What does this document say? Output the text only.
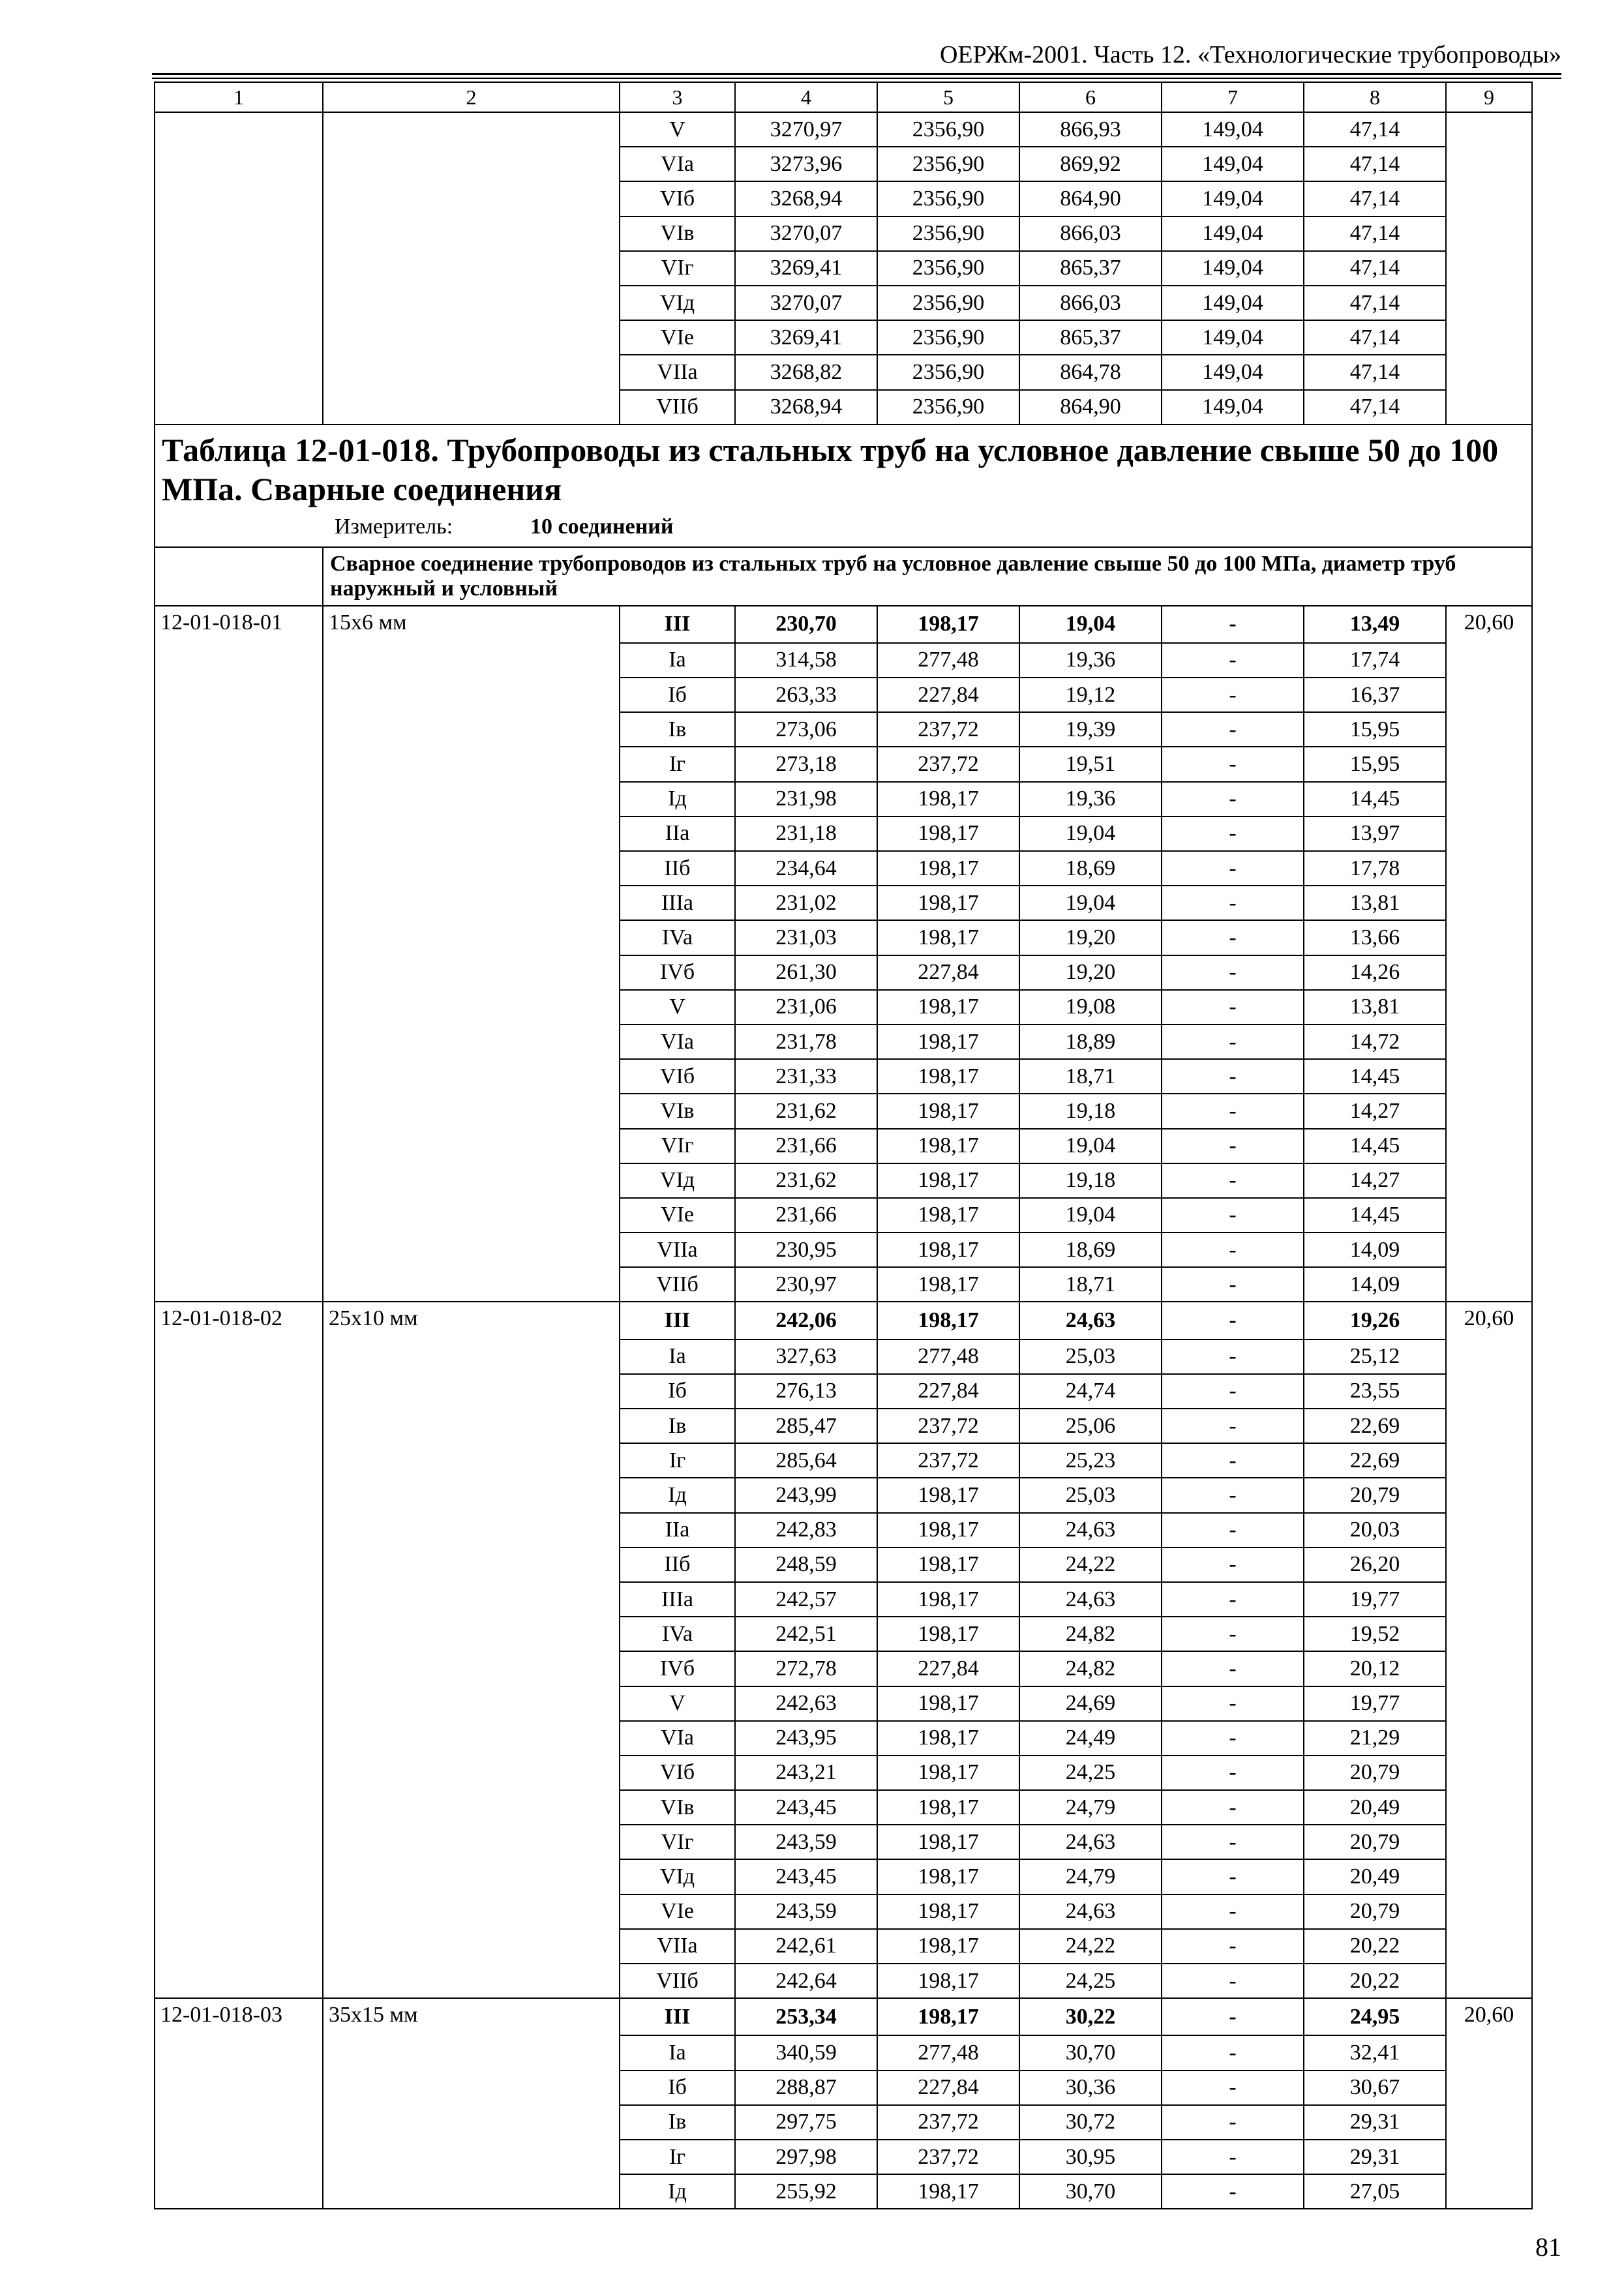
ОЕРЖм-2001. Часть 12. «Технологические трубопроводы»
1	2	3	4	5	6	7	8	9
		V	3270,97	2356,90	866,93	149,04	47,14	
		VIa	3273,96	2356,90	869,92	149,04	47,14	
		VIб	3268,94	2356,90	864,90	149,04	47,14	
		VIв	3270,07	2356,90	866,03	149,04	47,14	
		VIг	3269,41	2356,90	865,37	149,04	47,14	
		VIд	3270,07	2356,90	866,03	149,04	47,14	
		VIе	3269,41	2356,90	865,37	149,04	47,14	
		VIIa	3268,82	2356,90	864,78	149,04	47,14	
		VIIб	3268,94	2356,90	864,90	149,04	47,14	

Таблица 12-01-018. Трубопроводы из стальных труб на условное давление свыше 50 до 100 МПа. Сварные соединения
Измеритель: 10 соединений								

	Сварное соединение трубопроводов из стальных труб на условное давление свыше 50 до 100 МПа, диаметр труб наружный и условный							
12-01-018-01	15х6 мм	III	230,70	198,17	19,04	-	13,49	20,60
		Ia	314,58	277,48	19,36	-	17,74	
		Iб	263,33	227,84	19,12	-	16,37	
		Iв	273,06	237,72	19,39	-	15,95	
		Iг	273,18	237,72	19,51	-	15,95	
		Iд	231,98	198,17	19,36	-	14,45	
		IIa	231,18	198,17	19,04	-	13,97	
		IIб	234,64	198,17	18,69	-	17,78	
		IIIa	231,02	198,17	19,04	-	13,81	
		IVa	231,03	198,17	19,20	-	13,66	
		IVб	261,30	227,84	19,20	-	14,26	
		V	231,06	198,17	19,08	-	13,81	
		VIa	231,78	198,17	18,89	-	14,72	
		VIб	231,33	198,17	18,71	-	14,45	
		VIв	231,62	198,17	19,18	-	14,27	
		VIг	231,66	198,17	19,04	-	14,45	
		VIд	231,62	198,17	19,18	-	14,27	
		VIе	231,66	198,17	19,04	-	14,45	
		VIIa	230,95	198,17	18,69	-	14,09	
		VIIб	230,97	198,17	18,71	-	14,09	
12-01-018-02	25х10 мм	III	242,06	198,17	24,63	-	19,26	20,60
		Ia	327,63	277,48	25,03	-	25,12	
		Iб	276,13	227,84	24,74	-	23,55	
		Iв	285,47	237,72	25,06	-	22,69	
		Iг	285,64	237,72	25,23	-	22,69	
		Iд	243,99	198,17	25,03	-	20,79	
		IIa	242,83	198,17	24,63	-	20,03	
		IIб	248,59	198,17	24,22	-	26,20	
		IIIa	242,57	198,17	24,63	-	19,77	
		IVa	242,51	198,17	24,82	-	19,52	
		IVб	272,78	227,84	24,82	-	20,12	
		V	242,63	198,17	24,69	-	19,77	
		VIa	243,95	198,17	24,49	-	21,29	
		VIб	243,21	198,17	24,25	-	20,79	
		VIв	243,45	198,17	24,79	-	20,49	
		VIг	243,59	198,17	24,63	-	20,79	
		VIд	243,45	198,17	24,79	-	20,49	
		VIе	243,59	198,17	24,63	-	20,79	
		VIIa	242,61	198,17	24,22	-	20,22	
		VIIб	242,64	198,17	24,25	-	20,22	
12-01-018-03	35х15 мм	III	253,34	198,17	30,22	-	24,95	20,60
		Ia	340,59	277,48	30,70	-	32,41	
		Iб	288,87	227,84	30,36	-	30,67	
		Iв	297,75	237,72	30,72	-	29,31	
		Iг	297,98	237,72	30,95	-	29,31	
		Iд	255,92	198,17	30,70	-	27,05	
81
